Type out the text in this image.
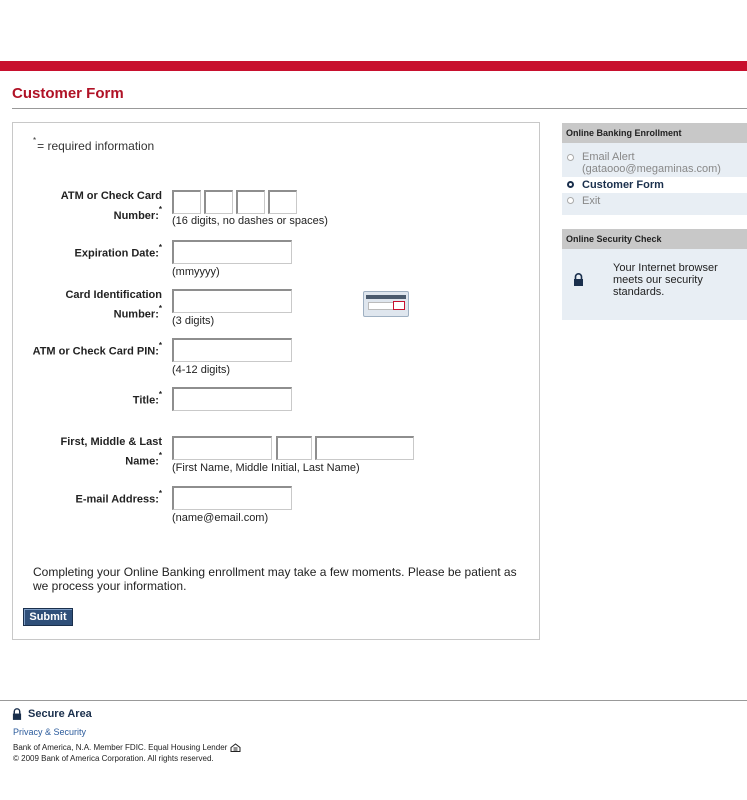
Customer Form
*= required information
ATM or Check Card
Number:*
(16 digits, no dashes or spaces)
Expiration Date:*
(mmyyyy)
Card Identification
Number:*
(3 digits)
ATM or Check Card PIN:*
(4-12 digits)
Title:*
First, Middle & Last
Name:*
(First Name, Middle Initial, Last Name)
E-mail Address:*
(name@email.com)
Completing your Online Banking enrollment may take a few moments. Please be patient as we process your information.
Submit
Online Banking Enrollment
Email Alert
(gataooo@megaminas.com)
Customer Form
Exit
Online Security Check
Your Internet browser meets our security standards.
Secure Area
Privacy & Security
Bank of America, N.A. Member FDIC. Equal Housing Lender
© 2009 Bank of America Corporation. All rights reserved.
